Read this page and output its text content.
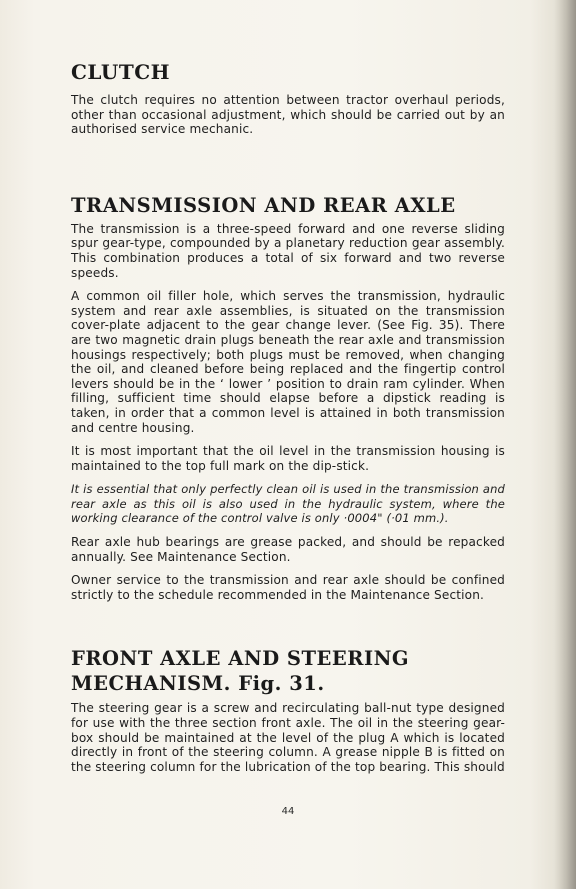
CLUTCH

The clutch requires no attention between tractor overhaul periods, other than occasional adjustment, which should be carried out by an authorised service mechanic.

TRANSMISSION AND REAR AXLE

The transmission is a three-speed forward and one reverse sliding spur gear-type, compounded by a planetary reduction gear assembly. This combination produces a total of six forward and two reverse speeds.

A common oil filler hole, which serves the transmission, hydraulic system and rear axle assemblies, is situated on the transmission cover-plate adjacent to the gear change lever. (See Fig. 35). There are two magnetic drain plugs beneath the rear axle and transmission housings respectively; both plugs must be removed, when changing the oil, and cleaned before being replaced and the fingertip control levers should be in the ‘ lower ’ position to drain ram cylinder. When filling, sufficient time should elapse before a dipstick reading is taken, in order that a common level is attained in both transmission and centre housing.

It is most important that the oil level in the transmission housing is maintained to the top full mark on the dip-stick.

It is essential that only perfectly clean oil is used in the transmission and rear axle as this oil is also used in the hydraulic system, where the working clearance of the control valve is only ·0004" (·01 mm.).

Rear axle hub bearings are grease packed, and should be repacked annually. See Maintenance Section.

Owner service to the transmission and rear axle should be confined strictly to the schedule recommended in the Maintenance Section.

FRONT AXLE AND STEERING
MECHANISM. Fig. 31.

The steering gear is a screw and recirculating ball-nut type designed for use with the three section front axle. The oil in the steering gear-box should be maintained at the level of the plug A which is located directly in front of the steering column. A grease nipple B is fitted on the steering column for the lubrication of the top bearing. This should

44
